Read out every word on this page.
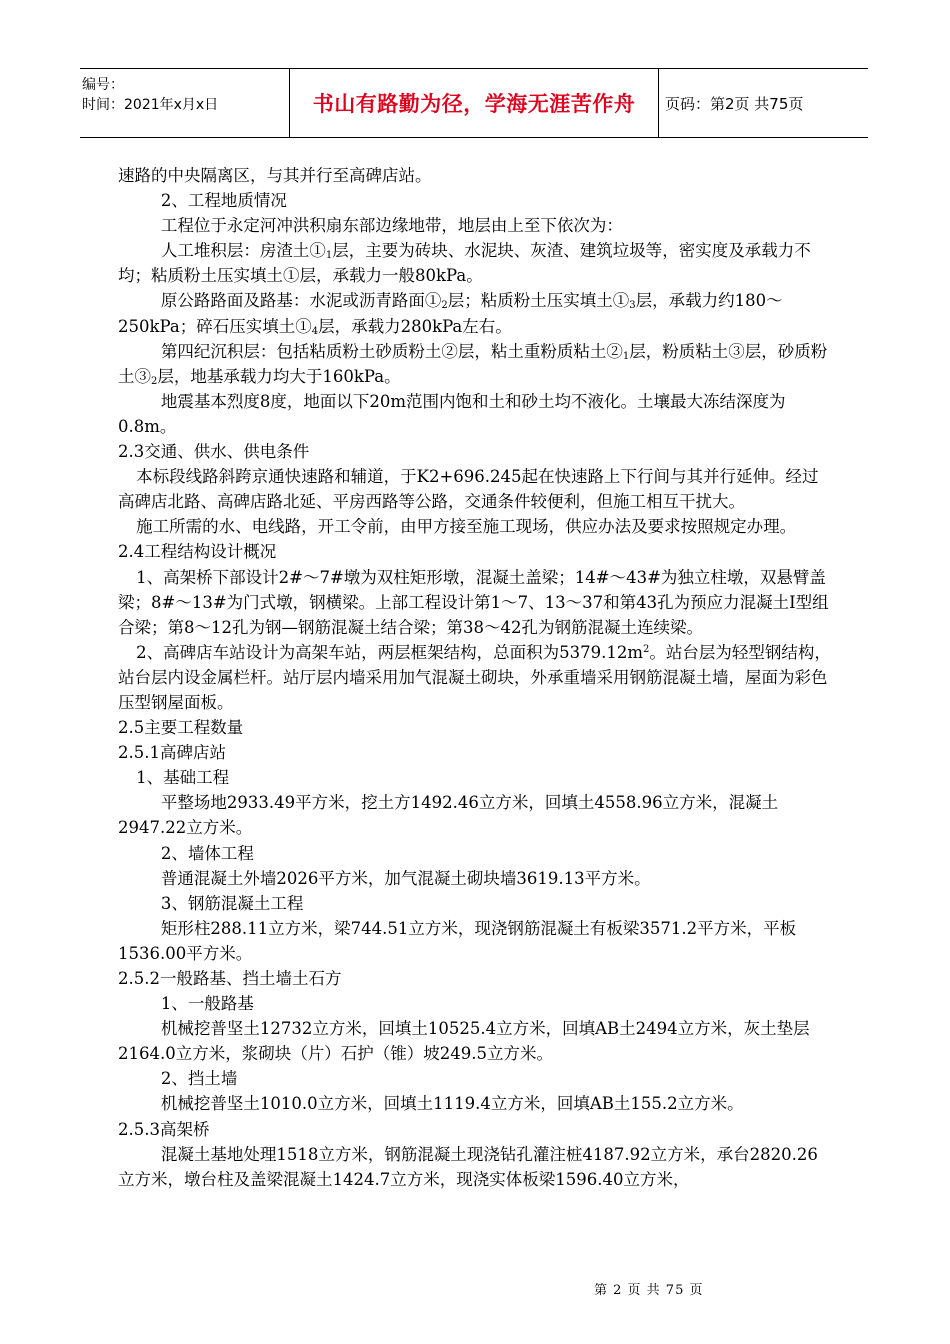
编号：
时间：2021年x月x日	书山有路勤为径，学海无涯苦作舟	页码：第2页 共75页

速路的中央隔离区，与其并行至高碑店站。

2、工程地质情况

工程位于永定河冲洪积扇东部边缘地带，地层由上至下依次为：

人工堆积层：房渣土$①_1$层，主要为砖块、水泥块、灰渣、建筑垃圾等，密实度及承载力不均；粘质粉土压实填土①层，承载力一般80kPa。

原公路路面及路基：水泥或沥青路面$①_2$层；粘质粉土压实填土$①_3$层，承载力约180～250kPa；碎石压实填土$①_4$层，承载力280kPa左右。

第四纪沉积层：包括粘质粉土砂质粉土②层，粘土重粉质粘土$②_1$层，粉质粘土③层，砂质粉土$③_2$层，地基承载力均大于160kPa。

地震基本烈度8度，地面以下20m范围内饱和土和砂土均不液化。土壤最大冻结深度为0.8m。

2.3交通、供水、供电条件

本标段线路斜跨京通快速路和辅道，于K2+696.245起在快速路上下行间与其并行延伸。经过高碑店北路、高碑店路北延、平房西路等公路，交通条件较便利，但施工相互干扰大。

施工所需的水、电线路，开工令前，由甲方接至施工现场，供应办法及要求按照规定办理。

2.4工程结构设计概况

1、高架桥下部设计2#～7#墩为双柱矩形墩，混凝土盖梁；14#～43#为独立柱墩，双悬臂盖梁；8#～13#为门式墩，钢横梁。上部工程设计第1～7、13～37和第43孔为预应力混凝土Ⅰ型组合梁；第8～12孔为钢—钢筋混凝土结合梁；第38～42孔为钢筋混凝土连续梁。

2、高碑店车站设计为高架车站，两层框架结构，总面积为$5379.12m^2$。站台层为轻型钢结构，站台层内设金属栏杆。站厅层内墙采用加气混凝土砌块，外承重墙采用钢筋混凝土墙，屋面为彩色压型钢屋面板。

2.5主要工程数量

2.5.1高碑店站

1、基础工程

平整场地2933.49平方米，挖土方1492.46立方米，回填土4558.96立方米，混凝土2947.22立方米。

2、墙体工程

普通混凝土外墙2026平方米，加气混凝土砌块墙3619.13平方米。

3、钢筋混凝土工程

矩形柱288.11立方米，梁744.51立方米，现浇钢筋混凝土有板梁3571.2平方米，平板1536.00平方米。

2.5.2一般路基、挡土墙土石方

1、一般路基

机械挖普坚土12732立方米，回填土10525.4立方米，回填AB土2494立方米，灰土垫层2164.0立方米，浆砌块（片）石护（锥）坡249.5立方米。

2、挡土墙

机械挖普坚土1010.0立方米，回填土1119.4立方米，回填AB土155.2立方米。

2.5.3高架桥

混凝土基地处理1518立方米，钢筋混凝土现浇钻孔灌注桩4187.92立方米，承台2820.26立方米，墩台柱及盖梁混凝土1424.7立方米，现浇实体板梁1596.40立方米，

第 2 页 共 75 页
